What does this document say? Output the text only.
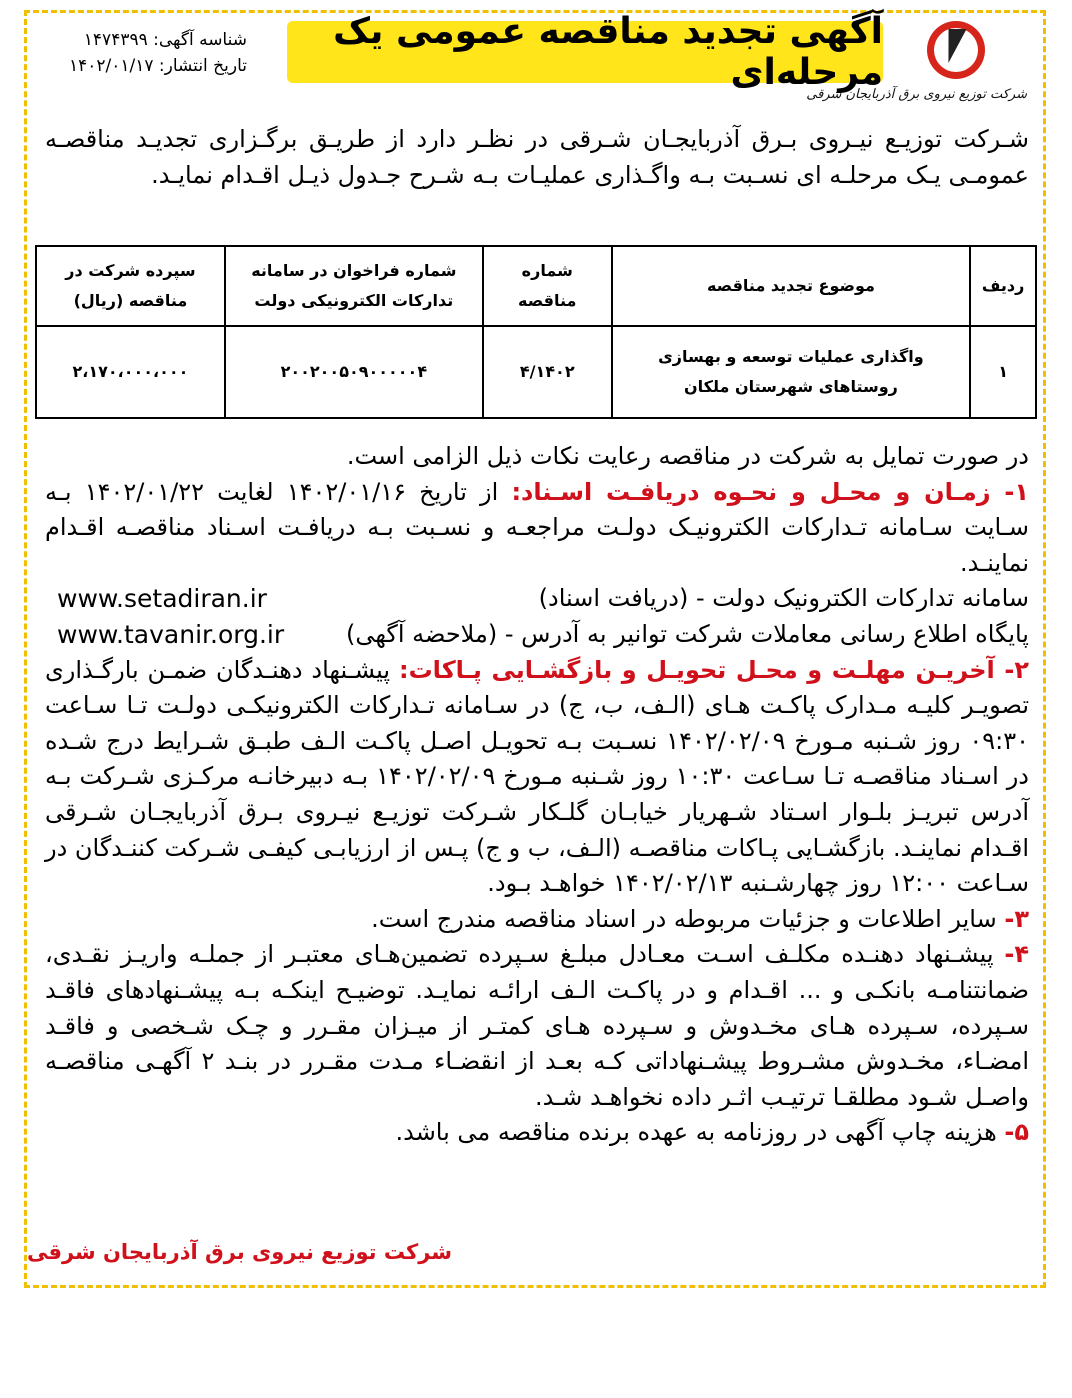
شرکت توزیع نیروی برق آذربایجان شرقی
آگهی تجدید مناقصه عمومی یک مرحله‌ای
شناسه آگهی: ۱۴۷۴۳۹۹
تاریخ انتشار: ۱۴۰۲/۰۱/۱۷
شـرکت توزیـع نیـروی بـرق آذربایجـان شـرقی در نظـر دارد از طریـق برگـزاری تجدیـد مناقصـه عمومـی یـک مرحلـه ای نسـبت بـه واگـذاری عملیـات بـه شـرح جـدول ذیـل اقـدام نمایـد.
ردیف	موضوع تجدید مناقصه	شماره مناقصه	شماره فراخوان در سامانه تدارکات الکترونیکی دولت	سپرده شرکت در مناقصه (ریال)
۱	واگذاری عملیات توسعه و بهسازی روستاهای شهرستان ملکان	۴/۱۴۰۲	۲۰۰۲۰۰۵۰۹۰۰۰۰۰۴	۲،۱۷۰،۰۰۰،۰۰۰

در صورت تمایل به شرکت در مناقصه رعایت نکات ذیل الزامی است.

۱- زمـان و محـل و نحـوه دریافـت اسـناد: از تاریخ ۱۴۰۲/۰۱/۱۶ لغایت ۱۴۰۲/۰۱/۲۲ بـه سـایت سـامانه تـدارکات الکترونیـک دولـت مراجعـه و نسـبت بـه دریافـت اسـناد مناقصـه اقـدام نماینـد.

سامانه تدارکات الکترونیک دولت - (دریافت اسناد)
www.setadiran.ir
پایگاه اطلاع رسانی معاملات شرکت توانیر به آدرس - (ملاحضه آگهی)
www.tavanir.org.ir

۲- آخریـن مهلـت و محـل تحویـل و بازگشـایی پـاکات: پیشـنهاد دهنـدگان ضمـن بارگـذاری تصویـر کلیـه مـدارک پاکـت هـای (الـف، ب، ج) در سـامانه تـدارکات الکترونیکـی دولـت تـا سـاعت ۰۹:۳۰ روز شـنبه مـورخ ۱۴۰۲/۰۲/۰۹ نسـبت بـه تحویـل اصـل پاکـت الـف طبـق شـرایط درج شـده در اسـناد مناقصـه تـا سـاعت ۱۰:۳۰ روز شـنبه مـورخ ۱۴۰۲/۰۲/۰۹ بـه دبیرخانـه مرکـزی شـرکت بـه آدرس تبریـز بلـوار اسـتاد شـهریار خیابـان گلـکار شـرکت توزیـع نیـروی بـرق آذربایجـان شـرقی اقـدام نماینـد. بازگشـایی پـاکات مناقصـه (الـف، ب و ج) پـس از ارزیابـی کیفـی شـرکت کننـدگان در سـاعت ۱۲:۰۰ روز چهارشـنبه ۱۴۰۲/۰۲/۱۳ خواهـد بـود.

۳- سایر اطلاعات و جزئیات مربوطه در اسناد مناقصه مندرج است.

۴- پیشـنهاد دهنـده مکلـف اسـت معـادل مبلـغ سـپرده تضمین‌هـای معتبـر از جملـه واریـز نقـدی، ضمانتنامـه بانکـی و ... اقـدام و در پاکـت الـف ارائـه نمایـد. توضیـح اینکـه بـه پیشـنهادهای فاقـد سـپرده، سـپرده هـای مخـدوش و سـپرده هـای کمتـر از میـزان مقـرر و چـک شـخصی و فاقـد امضـاء، مخـدوش مشـروط پیشـنهاداتی کـه بعـد از انقضـاء مـدت مقـرر در بنـد ۲ آگهـی مناقصـه واصـل شـود مطلقـا ترتیـب اثـر داده نخواهـد شـد.

۵- هزینه چاپ آگهی در روزنامه به عهده برنده مناقصه می باشد.

شرکت توزیع نیروی برق آذربایجان شرقی
